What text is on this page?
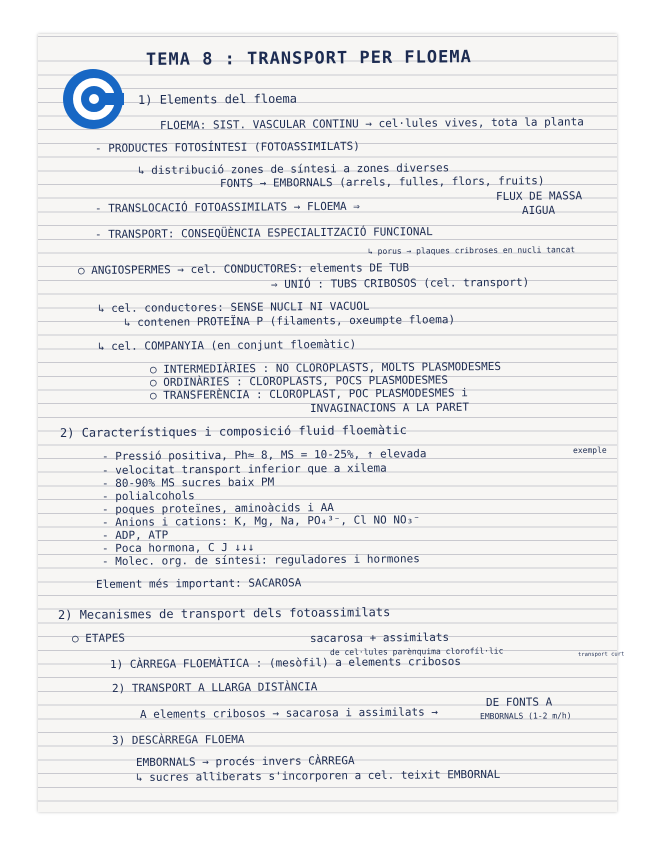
TEMA 8 : TRANSPORT PER FLOEMA
1) Elements del floema
FLOEMA: SIST. VASCULAR CONTINU → cel·lules vives, tota la planta
- PRODUCTES FOTOSÍNTESI (FOTOASSIMILATS)
↳ distribució zones de síntesi a zones diverses
FONTS → EMBORNALS (arrels, fulles, flors, fruits)
FLUX DE MASSA
- TRANSLOCACIÓ FOTOASSIMILATS → FLOEMA ⇒	AIGUA
- TRANSPORT: CONSEQÜÈNCIA ESPECIALITZACIÓ FUNCIONAL
↳ porus → plaques cribroses en nucli tancat
○ ANGIOSPERMES → cel. CONDUCTORES: elements DE TUB
⇒ UNIÓ : TUBS CRIBOSOS (cel. transport)
↳ cel. conductores: SENSE NUCLI NI VACUOL
↳ contenen PROTEÏNA P (filaments, oxeumpte floema)
↳ cel. COMPANYIA (en conjunt floemàtic)
○ INTERMEDIÀRIES : NO CLOROPLASTS, MOLTS PLASMODESMES
○ ORDINÀRIES : CLOROPLASTS, POCS PLASMODESMES
○ TRANSFERÈNCIA : CLOROPLAST, POC PLASMODESMES i
INVAGINACIONS A LA PARET
2) Característiques i composició fluid floemàtic
exemple
- Pressió positiva, Ph≈ 8, MS = 10-25%, ↑ elevada
- velocitat transport inferior que a xilema
- 80-90% MS sucres baix PM
- polialcohols
- poques proteïnes, aminoàcids i AA
- Anions i cations: K, Mg, Na, PO₄³⁻, Cl NO NO₃⁻
- ADP, ATP
- Poca hormona, C J ↓↓↓
- Molec. org. de síntesi: reguladores i hormones
Element més important: SACAROSA
2) Mecanismes de transport dels fotoassimilats
○ ETAPES	sacarosa + assimilats
de cel·lules parènquima clorofíl·lic
1) CÀRREGA FLOEMÀTICA : (mesòfil) a elements cribosos
transport curt
2) TRANSPORT A LLARGA DISTÀNCIA
DE FONTS A
A elements cribosos → sacarosa i assimilats →	EMBORNALS (1-2 m/h)
3) DESCÀRREGA FLOEMA
EMBORNALS → procés invers CÀRREGA
↳ sucres alliberats s'incorporen a cel. teixit EMBORNAL
